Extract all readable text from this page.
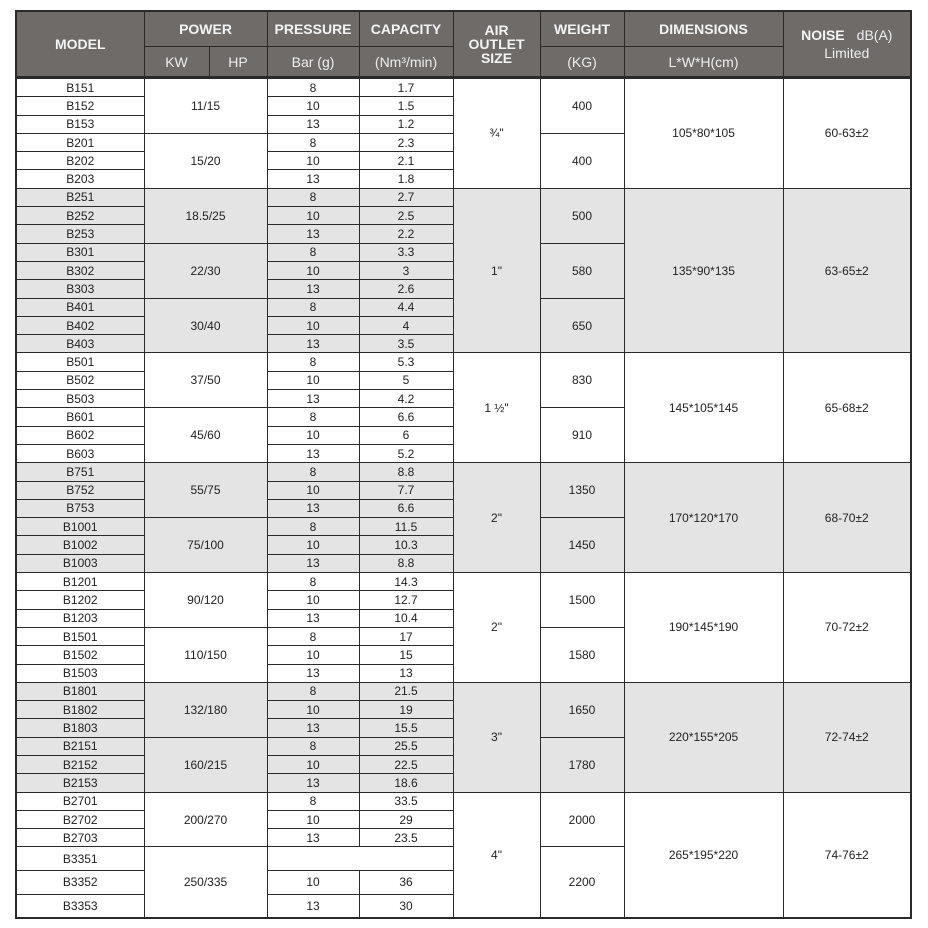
MODEL	POWER		PRESSURE	CAPACITY	AIR
OUTLET
SIZE	WEIGHT	DIMENSIONS	NOISE dB(A)
Limited

	KW	HP	Bar (g)	(Nm³/min)		(KG)	L*W*H(cm)	
B151	11/15		8	1.7	¾"	400	105*80*105	60-63±2
B152			10	1.5				
B153			13	1.2				
B201	15/20		8	2.3		400		
B202			10	2.1				
B203			13	1.8				
B251	18.5/25		8	2.7	1"	500	135*90*135	63-65±2
B252			10	2.5				
B253			13	2.2				
B301	22/30		8	3.3		580		
B302			10	3				
B303			13	2.6				
B401	30/40		8	4.4		650		
B402			10	4				
B403			13	3.5				
B501	37/50		8	5.3	1 ½"	830	145*105*145	65-68±2
B502			10	5				
B503			13	4.2				
B601	45/60		8	6.6		910		
B602			10	6				
B603			13	5.2				
B751	55/75		8	8.8	2"	1350	170*120*170	68-70±2
B752			10	7.7				
B753			13	6.6				
B1001	75/100		8	11.5		1450		
B1002			10	10.3				
B1003			13	8.8				
B1201	90/120		8	14.3	2"	1500	190*145*190	70-72±2
B1202			10	12.7				
B1203			13	10.4				
B1501	110/150		8	17		1580		
B1502			10	15				
B1503			13	13				
B1801	132/180		8	21.5	3"	1650	220*155*205	72-74±2
B1802			10	19				
B1803			13	15.5				
B2151	160/215		8	25.5		1780		
B2152			10	22.5				
B2153			13	18.6				
B2701	200/270		8	33.5	4"	2000	265*195*220	74-76±2
B2702			10	29				
B2703			13	23.5				
B3351	250/335					2200		
B3352			10	36				
B3353			13	30				
